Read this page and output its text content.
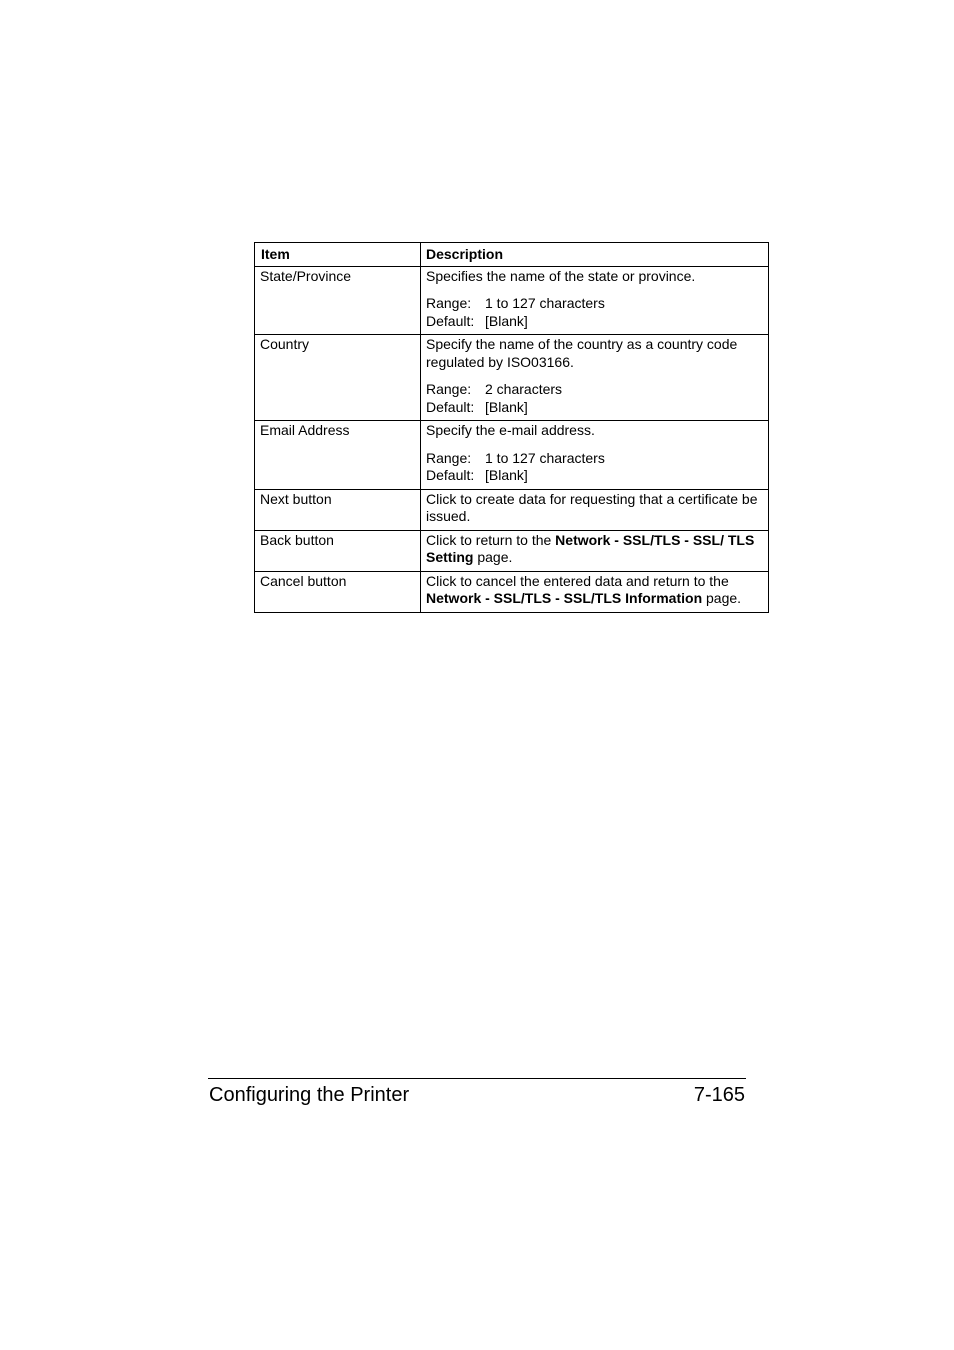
Item	Description
State/Province	Specifies the name of the state or province.

Range: 1 to 127 characters
Default: [Blank]

Country	Specify the name of the country as a country code regulated by ISO03166.

Range: 2 characters
Default: [Blank]

Email Address	Specify the e-mail address.

Range: 1 to 127 characters
Default: [Blank]

Next button	Click to create data for requesting that a certificate be issued.

Back button	Click to return to the Network - SSL/TLS - SSL/ TLS Setting page.

Cancel button	Click to cancel the entered data and return to the Network - SSL/TLS - SSL/TLS Information page.

Configuring the Printer	7-165
